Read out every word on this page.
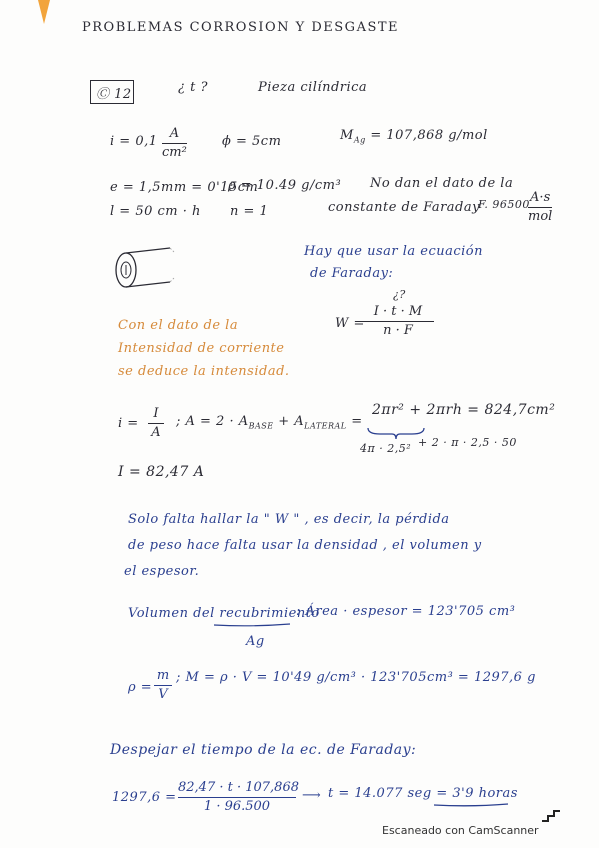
PROBLEMAS CORROSION Y DESGASTE
Ⓒ 12	¿ t ?	Pieza cilíndrica
i = 0,1
A
cm²
ϕ = 5cm	$M_{Ag} = 107,868$ g/mol
e = 1,5mm = 0'15cm
ρ = 10.49 g/cm³ No dan el dato de la
l = 50 cm · h n = 1	constante de Faraday
F. 96500 A·s
mol
Hay que usar la ecuación
de Faraday:
¿?
W =
I · t · M
n · F
Con el dato de la
Intensidad de corriente
se deduce la intensidad.
i =
I
A
; $A = 2 \cdot A_{BASE} + A_{LATERAL}$ =
2πr² + 2πrh = 824,7cm²
4π · 2,5² + 2 · π · 2,5 · 50
I = 82,47 A
Solo falta hallar la " W " , es decir, la pérdida
de peso hace falta usar la densidad , el volumen y
el espesor.
Volumen del recubrimiento
Ag
: Área · espesor = 123'705 cm³
ρ =
m
V
; M = ρ · V = 10'49 g/cm³ · 123'705cm³ = 1297,6 g
Despejar el tiempo de la ec. de Faraday:
1297,6 =
82,47 · t · 107,868
1 · 96.500
⟶ t = 14.077 seg = 3'9 horas
Escaneado con CamScanner
